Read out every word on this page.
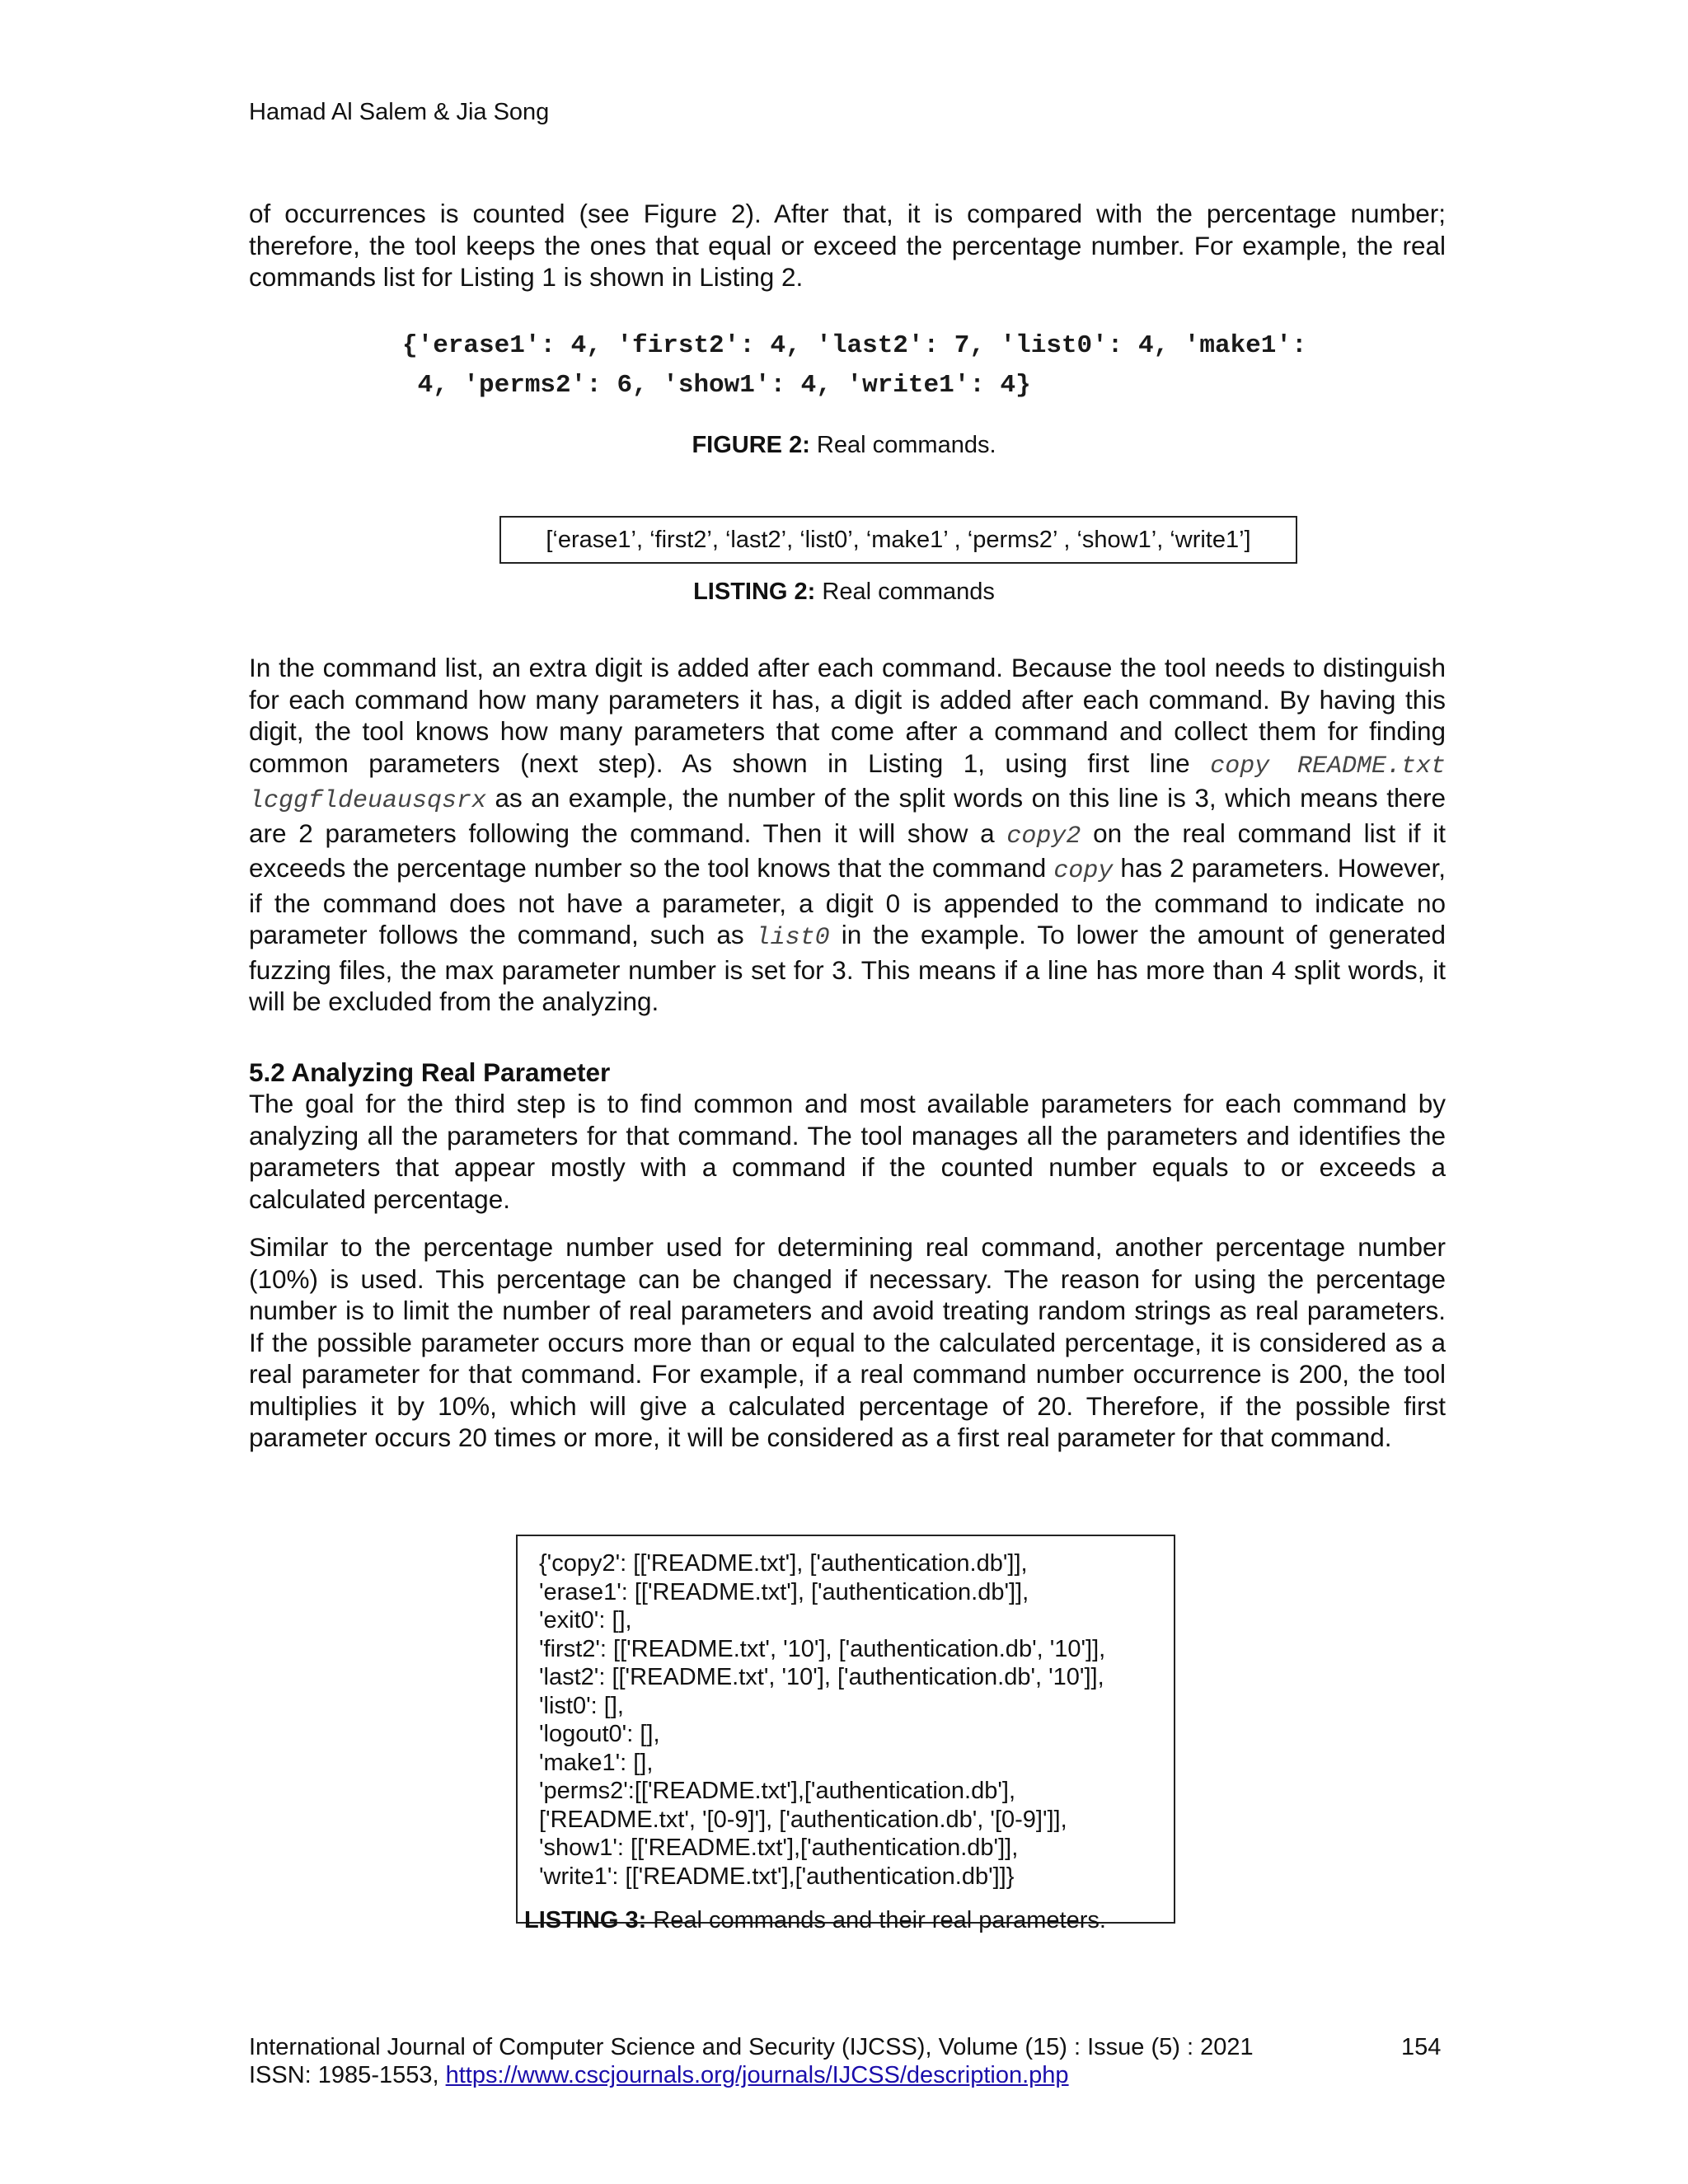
Hamad Al Salem & Jia Song

of occurrences is counted (see Figure 2). After that, it is compared with the percentage number; therefore, the tool keeps the ones that equal or exceed the percentage number. For example, the real commands list for Listing 1 is shown in Listing 2.

{'erase1': 4, 'first2': 4, 'last2': 7, 'list0': 4, 'make1':
4, 'perms2': 6, 'show1': 4, 'write1': 4}
FIGURE 2: Real commands.
[‘erase1’, ‘first2’, ‘last2’, ‘list0’, ‘make1’ , ‘perms2’ , ‘show1’, ‘write1’]
LISTING 2: Real commands

In the command list, an extra digit is added after each command. Because the tool needs to distinguish for each command how many parameters it has, a digit is added after each command. By having this digit, the tool knows how many parameters that come after a command and collect them for finding common parameters (next step). As shown in Listing 1, using first line copy README.txt lcggfldeuausqsrx as an example, the number of the split words on this line is 3, which means there are 2 parameters following the command. Then it will show a copy2 on the real command list if it exceeds the percentage number so the tool knows that the command copy has 2 parameters. However, if the command does not have a parameter, a digit 0 is appended to the command to indicate no parameter follows the command, such as list0 in the example. To lower the amount of generated fuzzing files, the max parameter number is set for 3. This means if a line has more than 4 split words, it will be excluded from the analyzing.

5.2 Analyzing Real Parameter

The goal for the third step is to find common and most available parameters for each command by analyzing all the parameters for that command. The tool manages all the parameters and identifies the parameters that appear mostly with a command if the counted number equals to or exceeds a calculated percentage.

Similar to the percentage number used for determining real command, another percentage number (10%) is used. This percentage can be changed if necessary. The reason for using the percentage number is to limit the number of real parameters and avoid treating random strings as real parameters. If the possible parameter occurs more than or equal to the calculated percentage, it is considered as a real parameter for that command. For example, if a real command number occurrence is 200, the tool multiplies it by 10%, which will give a calculated percentage of 20. Therefore, if the possible first parameter occurs 20 times or more, it will be considered as a first real parameter for that command.

{'copy2': [['README.txt'], ['authentication.db']],
'erase1': [['README.txt'], ['authentication.db']],
'exit0': [],
'first2': [['README.txt', '10'], ['authentication.db', '10']],
'last2': [['README.txt', '10'], ['authentication.db', '10']],
'list0': [],
'logout0': [],
'make1': [],
'perms2':[['README.txt'],['authentication.db'],
['README.txt', '[0-9]'], ['authentication.db', '[0-9]']],
'show1': [['README.txt'],['authentication.db']],
'write1': [['README.txt'],['authentication.db']]}
LISTING 3: Real commands and their real parameters.
International Journal of Computer Science and Security (IJCSS), Volume (15) : Issue (5) : 2021	154
ISSN: 1985-1553, https://www.cscjournals.org/journals/IJCSS/description.php
